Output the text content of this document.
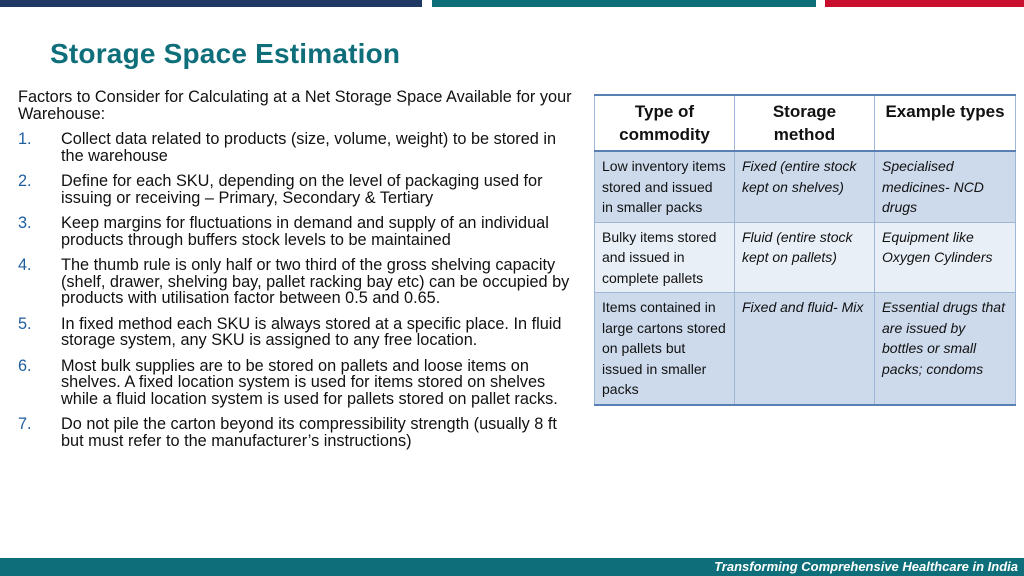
Storage Space Estimation
Factors to Consider for Calculating at a Net Storage Space Available for your Warehouse:
1.	Collect data related to products (size, volume, weight) to be stored in the warehouse
2.	Define for each SKU, depending on the level of packaging used for issuing or receiving – Primary, Secondary & Tertiary
3.	Keep margins for fluctuations in demand and supply of an individual products through buffers stock levels to be maintained
4.	The thumb rule is only half or two third of the gross shelving capacity (shelf, drawer, shelving bay, pallet racking bay etc) can be occupied by products with utilisation factor between 0.5 and 0.65.
5.	In fixed method each SKU is always stored at a specific place. In fluid storage system, any SKU is assigned to any free location.
6.	Most bulk supplies are to be stored on pallets and loose items on shelves. A fixed location system is used for items stored on shelves while a fluid location system is used for pallets stored on pallet racks.
7.	Do not pile the carton beyond its compressibility strength (usually 8 ft but must refer to the manufacturer’s instructions)
Type of commodity	Storage method	Example types
Low inventory items stored and issued in smaller packs	Fixed (entire stock kept on shelves)	Specialised medicines- NCD drugs
Bulky items stored and issued in complete pallets	Fluid (entire stock kept on pallets)	Equipment like Oxygen Cylinders
Items contained in large cartons stored on pallets but issued in smaller packs	Fixed and fluid- Mix	Essential drugs that are issued by bottles or small packs; condoms
Transforming Comprehensive Healthcare in India
